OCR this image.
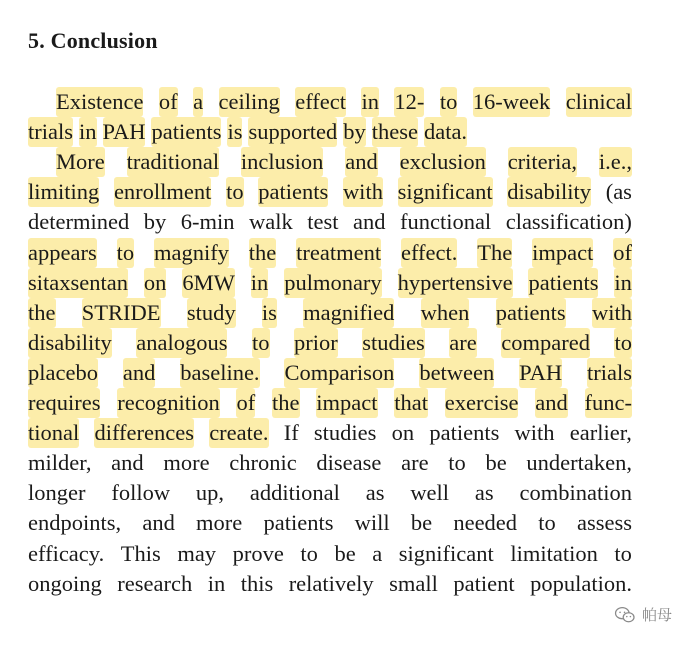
5. Conclusion
Existence of a ceiling effect in 12- to 16-week clinical
trials in PAH patients is supported by these data.
More traditional inclusion and exclusion criteria, i.e.,
limiting enrollment to patients with significant disability (as
determined by 6-min walk test and functional classification)
appears to magnify the treatment effect. The impact of
sitaxsentan on 6MW in pulmonary hypertensive patients in
the STRIDE study is magnified when patients with
disability analogous to prior studies are compared to
placebo and baseline. Comparison between PAH trials
requires recognition of the impact that exercise and func-
tional differences create. If studies on patients with earlier,
milder, and more chronic disease are to be undertaken,
longer follow up, additional as well as combination
endpoints, and more patients will be needed to assess
efficacy. This may prove to be a significant limitation to
ongoing research in this relatively small patient population.
帕母
